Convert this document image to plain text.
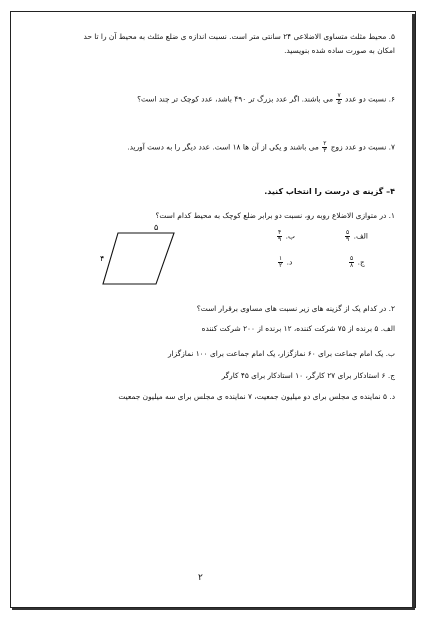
۵. محیط مثلث متساوی الاضلاعی ۲۴ سانتی متر است. نسبت اندازه ی ضلع مثلث به محیط آن را تا حد
امکان به صورت ساده شده بنویسید.
۶. نسبت دو عدد
$\frac{۷}{۵}$
می باشند. اگر عدد بزرگ تر ۴۹۰ باشد، عدد کوچک تر چند است؟
۷. نسبت دو عدد زوج
$\frac{۲}{۳}$
می باشند و یکی از آن ها ۱۸ است. عدد دیگر را به دست آورید.
۴– گزینه ی درست را انتخاب کنید.
۱. در متوازی الاضلاع روبه رو، نسبت دو برابر ضلع کوچک به محیط کدام است؟
۵
۴
الف.
$\frac{۵}{۹}$
ب.
$\frac{۴}{۹}$
ج.
$\frac{۵}{۸}$
د.
$\frac{۱}{۲}$
۲. در کدام یک از گزینه های زیر نسبت های مساوی برقرار است؟
الف. ۵ برنده از ۷۵ شرکت کننده، ۱۲ برنده از ۲۰۰ شرکت کننده
ب. یک امام جماعت برای ۶۰ نمازگزار، یک امام جماعت برای ۱۰۰ نمازگزار
ج. ۶ استادکار برای ۲۷ کارگر، ۱۰ استادکار برای ۴۵ کارگر
د. ۵ نماینده ی مجلس برای دو میلیون جمعیت، ۷ نماینده ی مجلس برای سه میلیون جمعیت
۲
